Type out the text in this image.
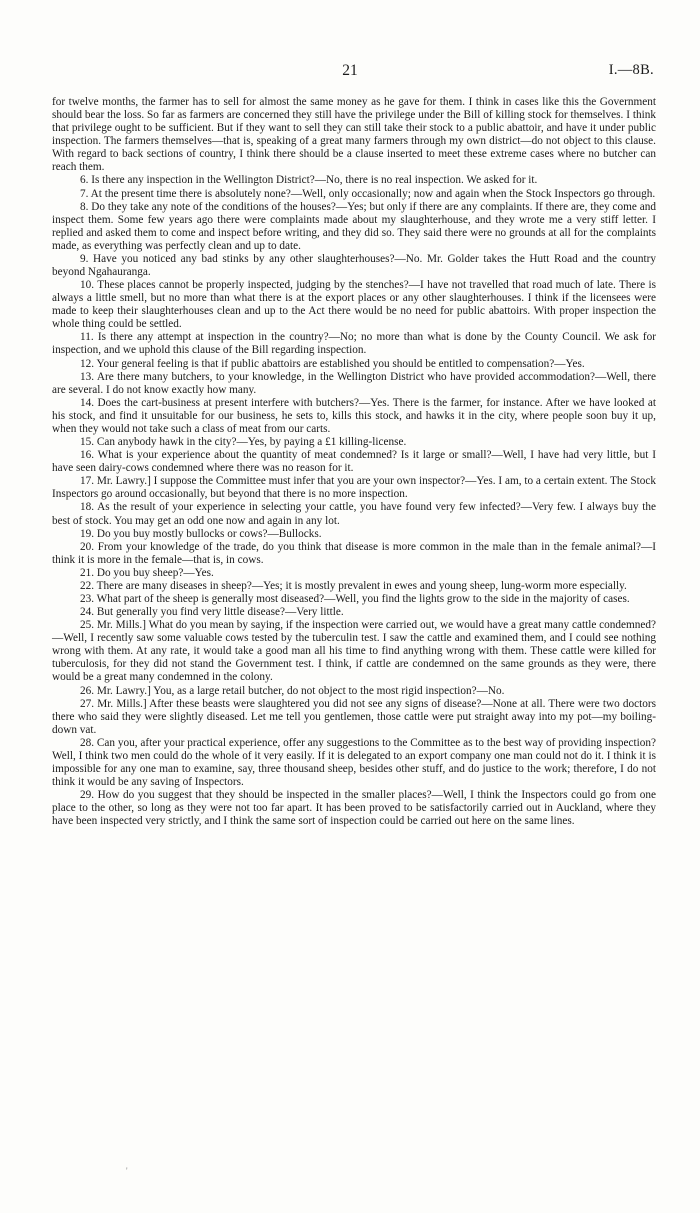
21	I.—8B.

for twelve months, the farmer has to sell for almost the same money as he gave for them. I think in cases like this the Government should bear the loss. So far as farmers are concerned they still have the privilege under the Bill of killing stock for themselves. I think that privilege ought to be sufficient. But if they want to sell they can still take their stock to a public abattoir, and have it under public inspection. The farmers themselves—that is, speaking of a great many farmers through my own district—do not object to this clause. With regard to back sections of country, I think there should be a clause inserted to meet these extreme cases where no butcher can reach them.

6. Is there any inspection in the Wellington District?—No, there is no real inspection. We asked for it.

7. At the present time there is absolutely none?—Well, only occasionally; now and again when the Stock Inspectors go through.

8. Do they take any note of the conditions of the houses?—Yes; but only if there are any complaints. If there are, they come and inspect them. Some few years ago there were complaints made about my slaughterhouse, and they wrote me a very stiff letter. I replied and asked them to come and inspect before writing, and they did so. They said there were no grounds at all for the complaints made, as everything was perfectly clean and up to date.

9. Have you noticed any bad stinks by any other slaughterhouses?—No. Mr. Golder takes the Hutt Road and the country beyond Ngahauranga.

10. These places cannot be properly inspected, judging by the stenches?—I have not travelled that road much of late. There is always a little smell, but no more than what there is at the export places or any other slaughterhouses. I think if the licensees were made to keep their slaughterhouses clean and up to the Act there would be no need for public abattoirs. With proper inspection the whole thing could be settled.

11. Is there any attempt at inspection in the country?—No; no more than what is done by the County Council. We ask for inspection, and we uphold this clause of the Bill regarding inspection.

12. Your general feeling is that if public abattoirs are established you should be entitled to compensation?—Yes.

13. Are there many butchers, to your knowledge, in the Wellington District who have provided accommodation?—Well, there are several. I do not know exactly how many.

14. Does the cart-business at present interfere with butchers?—Yes. There is the farmer, for instance. After we have looked at his stock, and find it unsuitable for our business, he sets to, kills this stock, and hawks it in the city, where people soon buy it up, when they would not take such a class of meat from our carts.

15. Can anybody hawk in the city?—Yes, by paying a £1 killing-license.

16. What is your experience about the quantity of meat condemned? Is it large or small?—Well, I have had very little, but I have seen dairy-cows condemned where there was no reason for it.

17. Mr. Lawry.] I suppose the Committee must infer that you are your own inspector?—Yes. I am, to a certain extent. The Stock Inspectors go around occasionally, but beyond that there is no more inspection.

18. As the result of your experience in selecting your cattle, you have found very few infected?—Very few. I always buy the best of stock. You may get an odd one now and again in any lot.

19. Do you buy mostly bullocks or cows?—Bullocks.

20. From your knowledge of the trade, do you think that disease is more common in the male than in the female animal?—I think it is more in the female—that is, in cows.

21. Do you buy sheep?—Yes.

22. There are many diseases in sheep?—Yes; it is mostly prevalent in ewes and young sheep, lung-worm more especially.

23. What part of the sheep is generally most diseased?—Well, you find the lights grow to the side in the majority of cases.

24. But generally you find very little disease?—Very little.

25. Mr. Mills.] What do you mean by saying, if the inspection were carried out, we would have a great many cattle condemned?—Well, I recently saw some valuable cows tested by the tuberculin test. I saw the cattle and examined them, and I could see nothing wrong with them. At any rate, it would take a good man all his time to find anything wrong with them. These cattle were killed for tuberculosis, for they did not stand the Government test. I think, if cattle are condemned on the same grounds as they were, there would be a great many condemned in the colony.

26. Mr. Lawry.] You, as a large retail butcher, do not object to the most rigid inspection?—No.

27. Mr. Mills.] After these beasts were slaughtered you did not see any signs of disease?—None at all. There were two doctors there who said they were slightly diseased. Let me tell you gentlemen, those cattle were put straight away into my pot—my boiling-down vat.

28. Can you, after your practical experience, offer any suggestions to the Committee as to the best way of providing inspection? Well, I think two men could do the whole of it very easily. If it is delegated to an export company one man could not do it. I think it is impossible for any one man to examine, say, three thousand sheep, besides other stuff, and do justice to the work; therefore, I do not think it would be any saving of Inspectors.

29. How do you suggest that they should be inspected in the smaller places?—Well, I think the Inspectors could go from one place to the other, so long as they were not too far apart. It has been proved to be satisfactorily carried out in Auckland, where they have been inspected very strictly, and I think the same sort of inspection could be carried out here on the same lines.

'
